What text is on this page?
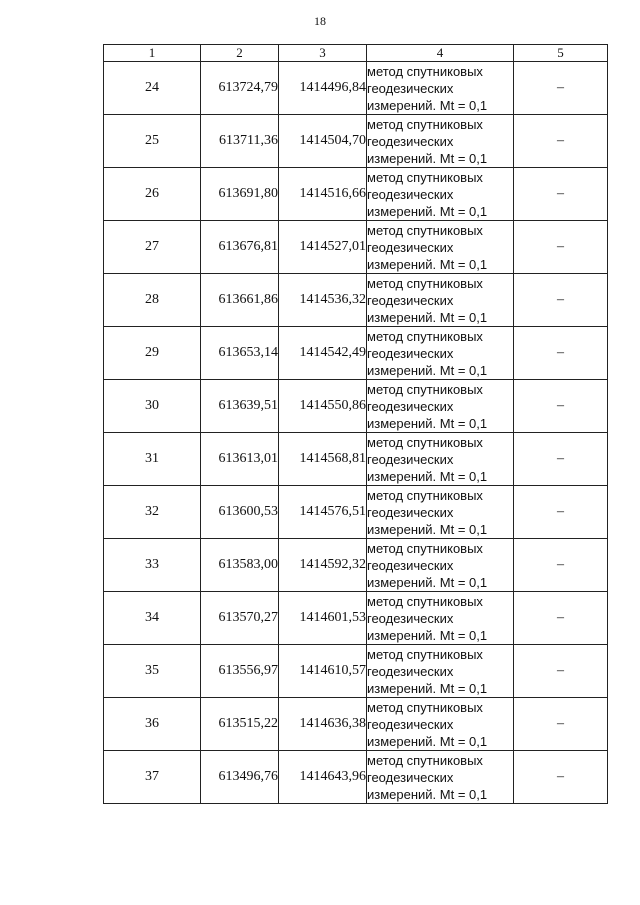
18
1	2	3	4	5
24	613724,79	1414496,84	метод спутниковых
геодезических
измерений. Mt = 0,1	–
25	613711,36	1414504,70	метод спутниковых
геодезических
измерений. Mt = 0,1	–
26	613691,80	1414516,66	метод спутниковых
геодезических
измерений. Mt = 0,1	–
27	613676,81	1414527,01	метод спутниковых
геодезических
измерений. Mt = 0,1	–
28	613661,86	1414536,32	метод спутниковых
геодезических
измерений. Mt = 0,1	–
29	613653,14	1414542,49	метод спутниковых
геодезических
измерений. Mt = 0,1	–
30	613639,51	1414550,86	метод спутниковых
геодезических
измерений. Mt = 0,1	–
31	613613,01	1414568,81	метод спутниковых
геодезических
измерений. Mt = 0,1	–
32	613600,53	1414576,51	метод спутниковых
геодезических
измерений. Mt = 0,1	–
33	613583,00	1414592,32	метод спутниковых
геодезических
измерений. Mt = 0,1	–
34	613570,27	1414601,53	метод спутниковых
геодезических
измерений. Mt = 0,1	–
35	613556,97	1414610,57	метод спутниковых
геодезических
измерений. Mt = 0,1	–
36	613515,22	1414636,38	метод спутниковых
геодезических
измерений. Mt = 0,1	–
37	613496,76	1414643,96	метод спутниковых
геодезических
измерений. Mt = 0,1	–
